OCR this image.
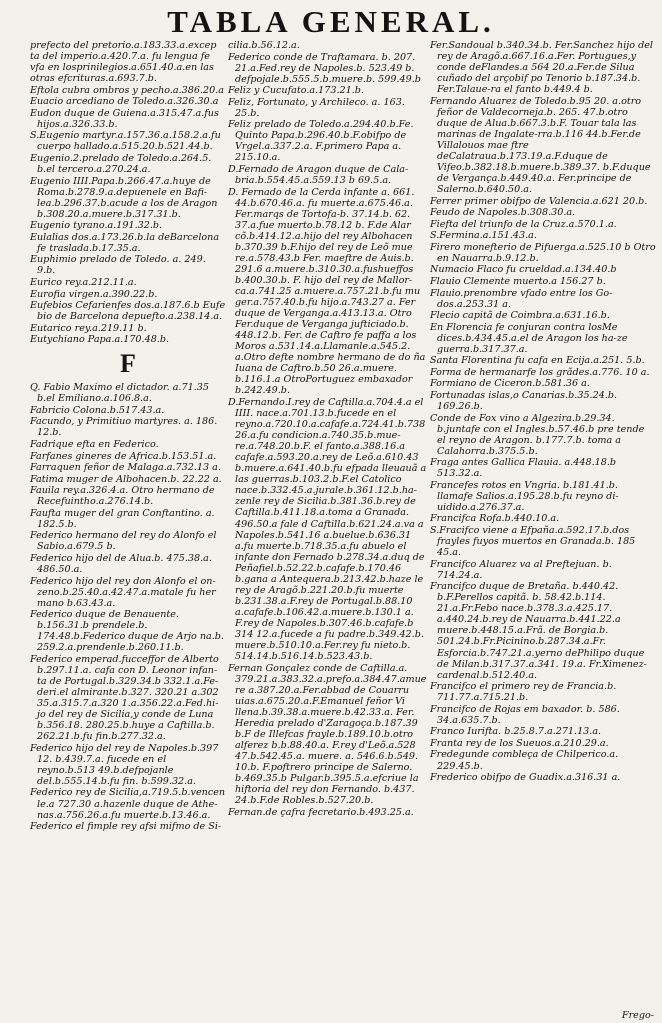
TABLA GENERAL.
prefecto del pretorio.a.183.33.a.excep ta del imperio.a.420.7.a. fu lengua fe vfa en losprinilegios.a.651.40.a.en las otras efcrituras.a.693.7.b.
Eftola cubra ombros y pecho.a.386.20.a
Euacio arcediano de Toledo.a.326.30.a
Eudon duque de Guiena.a.315.47.a.fus hijos.a.326.33.b.
S.Eugenio martyr.a.157.36.a.158.2.a.fu cuerpo hallado.a.515.20.b.521.44.b.
Eugenio.2.prelado de Toledo.a.264.5. b.el tercero.a.270.24.a.
Eugenio IIII.Papa.b.266.47.a.huye de Roma.b.278.9.a.depuenele en Bafi-lea.b.296.37.b.acude a los de Aragon b.308.20.a.muere.b.317.31.b.
Eugenio tyrano.a.191.32.b.
Eulalias dos.a.173.26.b.la deBarcelona fe traslada.b.17.35.a.
Euphimio prelado de Toledo. a. 249. 9.b.
Eurico rey.a.212.11.a.
Eurofia virgen.a.390.22.b.
Eufebios Cefarienfes dos.a.187.6.b Eufe bio de Barcelona depuefto.a.238.14.a.
Eutarico rey.a.219.11 b.
Eutychiano Papa.a.170.48.b.
F
Q. Fabio Maximo el dictador. a.71.35 b.el Emiliano.a.106.8.a.
Fabricio Colona.b.517.43.a.
Facundo, y Primitiuo martyres. a. 186. 12.b.
Fadrique efta en Federico.
Farfanes gineres de Africa.b.153.51.a.
Farraquen feñor de Malaga.a.732.13 a.
Fatima muger de Albohacen.b. 22.22 a.
Fauila rey.a.326.4.a. Otro hermano de Recefuintho.a.276.14.b.
Faufta muger del gran Conftantino. a. 182.5.b.
Federico hermano del rey do Alonfo el Sabio.a.679.5 b.
Federico hijo del de Alua.b. 475.38.a. 486.50.a.
Federico hijo del rey don Alonfo el on-zeno.b.25.40.a.42.47.a.matale fu her mano b.63.43.a.
Federico duque de Benauente. b.156.31.b prendele.b. 174.48.b.Federico duque de Arjo na.b. 259.2.a.prendenle.b.260.11.b.
Federico emperad.fucceffor de Alberto b.297.11.a. cafa con D. Leonor infan-ta de Portugal.b.329.34.b 332.1.a.Fe-deri.el almirante.b.327. 320.21 a.302 35.a.315.7.a.320 1.a.356.22.a.Fed.hi-jo del rey de Sicilia,y conde de Luna b.356.18. 280.25.b.huye a Caftilla.b. 262.21.b.fu fin.b.277.32.a.
Federico hijo del rey de Napoles.b.397 12. b.439.7.a. fucede en el reyno.b.513 49.b.defpojanle del.b.555.14.b.fu fin. b.599.32.a.
Federico rey de Sicilia,a.719.5.b.vencen le.a 727.30 a.hazenle duque de Athe-nas.a.756.26.a.fu muerte.b.13.46.a.
Federico el fimple rey afsi mifmo de Si-
cilia.b.56.12.a.
Federico conde de Traftamara. b. 207. 21.a.Fed.rey de Napoles.b. 523.49 b. defpojale.b.555.5.b.muere.b. 599.49.b
Feliz y Cucufato.a.173.21.b.
Feliz, Fortunato, y Archileco. a. 163. 25.b.
Feliz prelado de Toledo.a.294.40.b.Fe. Quinto Papa.b.296.40.b.F.obifpo de Vrgel.a.337.2.a. F.primero Papa a. 215.10.a.
D.Fernado de Aragon duque de Cala-bria.b.554.45.a.559.13 b 69.5.a.
D. Fernado de la Cerda infante a. 661. 44.b.670.46.a. fu muerte.a.675.46.a. Fer.marqs de Tortofa-b. 37.14.b. 62. 37.a.fue muerto.b.78.12 b. F.de Alar cõ.b.414.12.a.hijo del rey Albohacen b.370.39 b.F.hijo del rey de Leõ mue re.a.578.43.b Fer. maeftre de Auis.b. 291.6 a.muere.b.310.30.a.fushueffos b.400.30.b. F. hijo del rey de Mallor-ca.a.741.25 a.muere.a.757.21.b.fu mu ger.a.757.40.b.fu hijo.a.743.27 a. Fer duque de Verganga.a.413.13.a. Otro Fer.duque de Verganga jufticiado.b. 448.12.b. Fer. de Caftro fe paffa a los Moros a.531.14.a.Llamanle.a.545.2. a.Otro defte nombre hermano de do ña Iuana de Caftro.b.50 26.a.muere. b.116.1.a OtroPortuguez embaxador b.242.49.b.
D.Fernando.I.rey de Caftilla.a.704.4.a el IIII. nace.a.701.13.b.fucede en el reyno.a.720.10.a.cafafe.a.724.41.b.738 26.a.fu condicion.a.740.35.b.mue-re.a.748.20.b.F. el fanto.a.388.16.a cafafe.a.593.20.a.rey de Leõ.a.610.43 b.muere.a.641.40.b.fu efpada lleuauã a las guerras.b.103.2.b.F.el Catolico nace.b.332.45.a.jurale.b.361.12.b.ha-zenle rey de Sicilia.b.381.36.b.rey de Caftilla.b.411.18.a.toma a Granada. 496.50.a fale d Caftilla.b.621.24.a.va a Napoles.b.541.16 a.buelue.b.636.31 a.fu muerte.b.718.35.a.fu abuelo el infante don Fernado b.278.34.a.duq de Peñafiel.b.52.22.b.cafafe.b.170.46 b.gana a Antequera.b.213.42.b.haze le rey de Aragõ.b.221.20.b.fu muerte b.231.38.a.F.rey de Portugal.b.88.10 a.cafafe.b.106.42.a.muere.b.130.1 a. F.rey de Napoles.b.307.46.b.cafafe.b 314 12.a.fucede a fu padre.b.349.42.b. muere.b.510.10.a.Fer.rey fu nieto.b. 514.14.b.516.14.b.523.43.b.
Fernan Gonçalez conde de Caftilla.a. 379.21.a.383.32.a.prefo.a.384.47.amue re a.387.20.a.Fer.abbad de Couarru uias.a.675.20.a.F.Emanuel feñor Vi llena.b.39.38.a.muere.b.42.33.a. Fer. Heredia prelado d'Zaragoça.b.187.39 b.F de Illefcas frayle.b.189.10.b.otro alferez b.b.88.40.a. F.rey d'Leõ.a.528 47.b.542.45.a. muere. a. 546.6.b.549. 10.b. F.poftrero principe de Salerno. b.469.35.b Pulgar.b.395.5.a.efcriue la hiftoria del rey don Fernando. b.437. 24.b.F.de Robles.b.527.20.b.
Fernan.de çafra fecretario.b.493.25.a.
Fer.Sandoual b.340.34.b. Fer.Sanchez hijo del rey de Aragõ.a.667.16.a.Fer. Portugues,y conde deFlandes.a 564 20.a.Fer.de Silua cuñado del arçobif po Tenorio b.187.34.b. Fer.Talaue-ra el fanto b.449.4 b.
Fernando Aluarez de Toledo.b.95 20. a.otro feñor de Valdecorneja.b. 265. 47.b.otro duque de Alua.b.667.3.b.F. Touar tala las marinas de Ingalate-rra.b.116 44.b.Fer.de Villalouos mae ftre deCalatraua.b.173.19.a.F.duque de Vifeo.b.382.18.b.muere.b.389.37. b.F.duque de Vergança.b.449.40.a. Fer.principe de Salerno.b.640.50.a.
Ferrer primer obifpo de Valencia.a.621 20.b.
Feudo de Napoles.b.308.30.a.
Fiefta del triunfo de la Cruz.a.570.1.a.
S.Fermina.a.151.43.a.
Firero monefterio de Pifuerga.a.525.10 b Otro en Nauarra.b.9.12.b.
Numacio Flaco fu crueldad.a.134.40.b
Flauio Clemente muerto.a 156.27 b.
Flauio.prenombre vfado entre los Go-dos.a.253.31 a.
Flecio capitã de Coimbra.a.631.16.b.
En Florencia fe conjuran contra losMe dices.b.434.45.a.el de Aragon los ha-ze guerra.b.317.37.a.
Santa Florentina fu cafa en Ecija.a.251. 5.b.
Forma de hermanarfe los grãdes.a.776. 10 a.
Formiano de Ciceron.b.581.36 a.
Fortunadas islas,o Canarias.b.35.24.b. 169.26.b.
Conde de Fox vino a Algezira.b.29.34. b.juntafe con el Ingles.b.57.46.b pre tende el reyno de Aragon. b.177.7.b. toma a Calahorra.b.375.5.b.
Fraga antes Gallica Flauia. a.448.18.b 513.32.a.
Francefes rotos en Vngria. b.181.41.b. llamafe Salios.a.195.28.b.fu reyno di-uidido.a.276.37.a.
Francifca Rofa.b.440.10.a.
S.Fracifco viene a Efpaña.a.592.17.b.dos frayles fuyos muertos en Granada.b. 185 45.a.
Francifco Aluarez va al Preftejuan. b. 714.24.a.
Francifco duque de Bretaña. b.440.42. b.F.Perellos capitã. b. 58.42.b.114. 21.a.Fr.Febo nace.b.378.3.a.425.17. a.440.24.b.rey de Nauarra.b.441.22.a muere.b.448.15.a.Frã. de Borgia.b. 501.24.b.Fr.Picinino.b.287.34.a.Fr. Esforcia.b.747.21.a.yerno dePhilipo duque de Milan.b.317.37.a.341. 19.a. Fr.Ximenez-cardenal.b.512.40.a.
Francifco el primero rey de Francia.b. 711.77.a.715.21.b.
Francifco de Rojas em baxador. b. 586. 34.a.635.7.b.
Franco Iurifta. b.25.8.7.a.271.13.a.
Franta rey de los Sueuos.a.210.29.a.
Fredegunde combleça de Chilperico.a. 229.45.b.
Frederico obifpo de Guadix.a.316.31 a.
Frego-
